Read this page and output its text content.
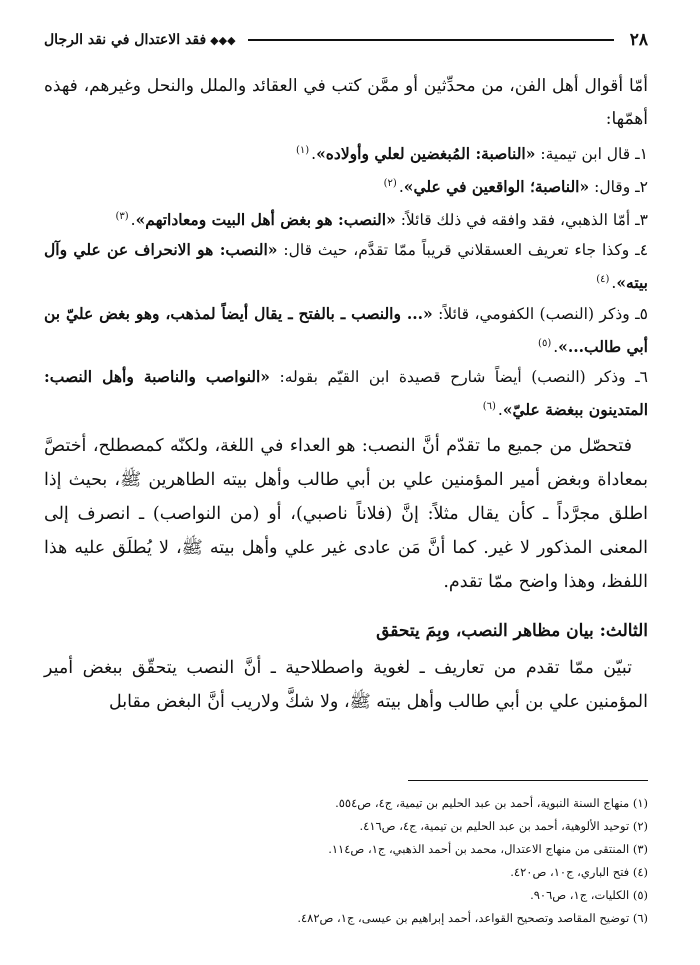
٢٨
◆◆◆فقد الاعتدال في نقد الرجال

أمّا أقوال أهل الفن، من محدِّثين أو ممَّن كتب في العقائد والملل والنحل وغيرهم، فهذه أهمّها:

١ـ قال ابن تيمية: «الناصبة: المُبغضين لعلي وأولاده».$^{(١)}$

٢ـ وقال: «الناصبة؛ الواقعين في علي».$^{(٢)}$

٣ـ أمّا الذهبي، فقد وافقه في ذلك قائلاً: «النصب: هو بغض أهل البيت ومعاداتهم».$^{(٣)}$

٤ـ وكذا جاء تعريف العسقلاني قريباً ممّا تقدَّم، حيث قال: «النصب: هو الانحراف عن علي وآل بيته».$^{(٤)}$

٥ـ وذكر (النصب) الكفومي، قائلاً: «... والنصب ـ بالفتح ـ يقال أيضاً لمذهب، وهو بغض عليّ بن أبي طالب...».$^{(٥)}$

٦ـ وذكر (النصب) أيضاً شارح قصيدة ابن القيّم بقوله: «النواصب والناصبة وأهل النصب: المتدينون ببغضة عليّ».$^{(٦)}$

فتحصّل من جميع ما تقدّم أنَّ النصب: هو العداء في اللغة، ولكنّه كمصطلح، أختصَّ بمعاداة وبغض أمير المؤمنين علي بن أبي طالب وأهل بيته الطاهرين ﷺ، بحيث إذا اطلق مجرَّداً ـ كأن يقال مثلاً: إنَّ (فلاناً ناصبي)، أو (من النواصب) ـ انصرف إلى المعنى المذكور لا غير. كما أنَّ مَن عادى غير علي وأهل بيته ﷺ، لا يُطلَق عليه هذا اللفظ، وهذا واضح ممّا تقدم.

الثالث: بيان مظاهر النصب، وبِمَ يتحقق

تبيّن ممّا تقدم من تعاريف ـ لغوية واصطلاحية ـ أنَّ النصب يتحقّق ببغض أمير المؤمنين علي بن أبي طالب وأهل بيته ﷺ، ولا شكَّ ولاريب أنَّ البغض مقابل

(١) منهاج السنة النبوية، أحمد بن عبد الحليم بن تيمية، ج٤، ص٥٥٤.

(٢) توحيد الألوهية، أحمد بن عبد الحليم بن تيمية، ج٤، ص٤١٦.

(٣) المنتقى من منهاج الاعتدال، محمد بن أحمد الذهبي، ج١، ص١١٤.

(٤) فتح الباري، ج١٠، ص٤٢٠.

(٥) الكليات، ج١، ص٩٠٦.

(٦) توضيح المقاصد وتصحيح القواعد، أحمد إبراهيم بن عيسى، ج١، ص٤٨٢.
